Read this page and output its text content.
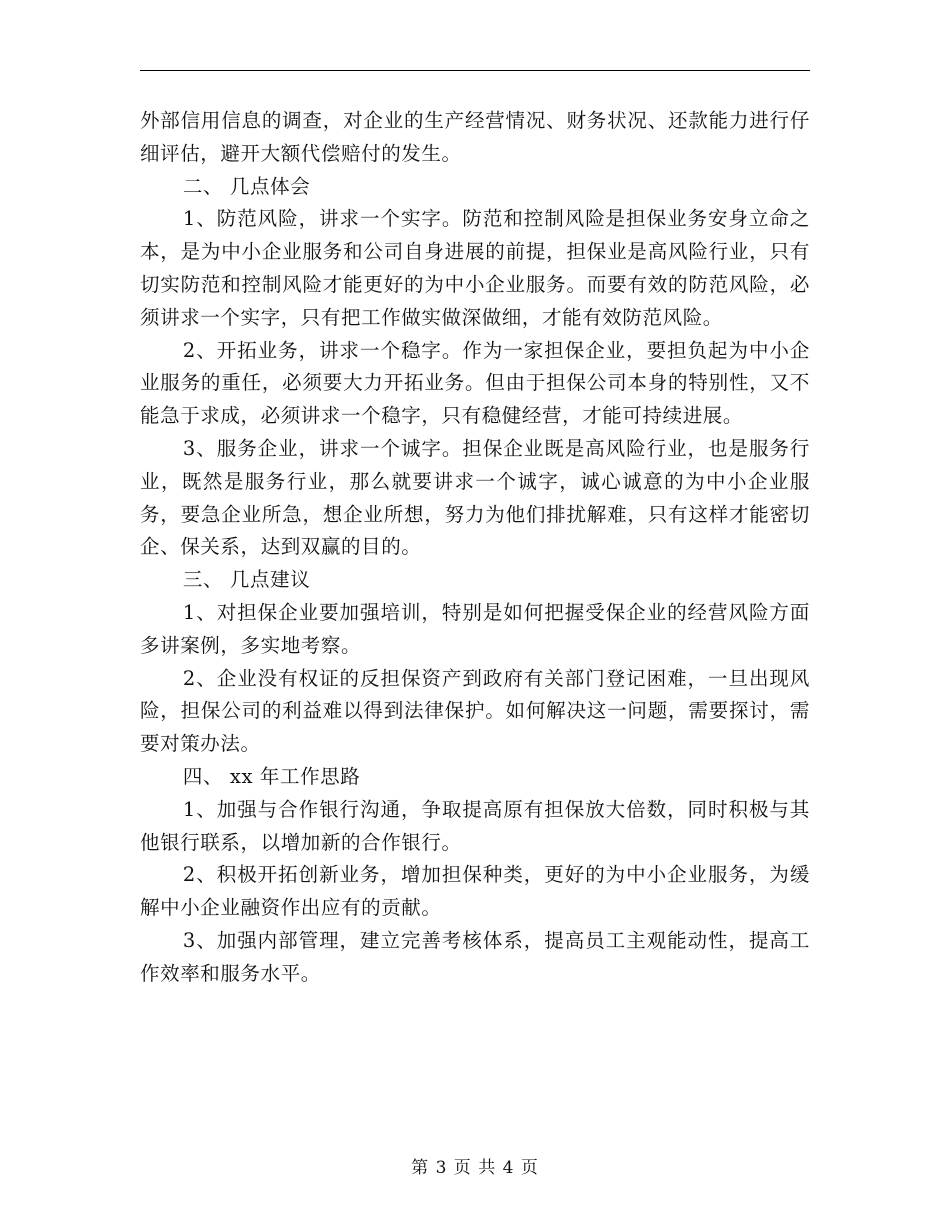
外部信用信息的调查，对企业的生产经营情况、财务状况、还款能力进行仔细评估，避开大额代偿赔付的发生。

二、 几点体会

1、防范风险，讲求一个实字。防范和控制风险是担保业务安身立命之本，是为中小企业服务和公司自身进展的前提，担保业是高风险行业，只有切实防范和控制风险才能更好的为中小企业服务。而要有效的防范风险，必须讲求一个实字，只有把工作做实做深做细，才能有效防范风险。

2、开拓业务，讲求一个稳字。作为一家担保企业，要担负起为中小企业服务的重任，必须要大力开拓业务。但由于担保公司本身的特别性，又不能急于求成，必须讲求一个稳字，只有稳健经营，才能可持续进展。

3、服务企业，讲求一个诚字。担保企业既是高风险行业，也是服务行业，既然是服务行业，那么就要讲求一个诚字，诚心诚意的为中小企业服务，要急企业所急，想企业所想，努力为他们排扰解难，只有这样才能密切企、保关系，达到双赢的目的。

三、 几点建议

1、对担保企业要加强培训，特别是如何把握受保企业的经营风险方面多讲案例，多实地考察。

2、企业没有权证的反担保资产到政府有关部门登记困难，一旦出现风险，担保公司的利益难以得到法律保护。如何解决这一问题，需要探讨，需要对策办法。

四、 xx 年工作思路

1、加强与合作银行沟通，争取提高原有担保放大倍数，同时积极与其他银行联系，以增加新的合作银行。

2、积极开拓创新业务，增加担保种类，更好的为中小企业服务，为缓解中小企业融资作出应有的贡献。

3、加强内部管理，建立完善考核体系，提高员工主观能动性，提高工作效率和服务水平。

第 3 页 共 4 页
